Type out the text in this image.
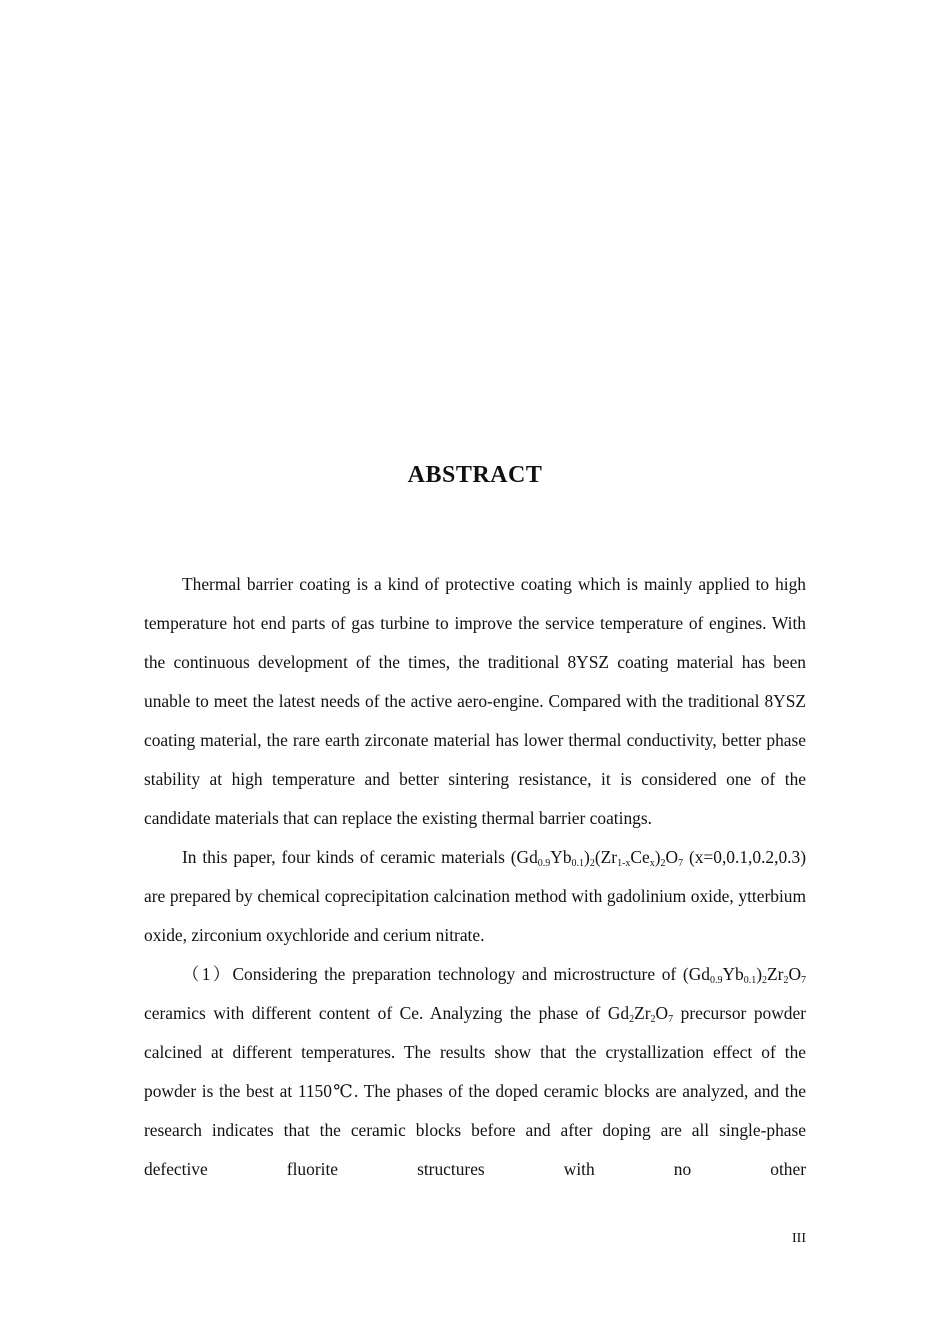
ABSTRACT

Thermal barrier coating is a kind of protective coating which is mainly applied to high temperature hot end parts of gas turbine to improve the service temperature of engines. With the continuous development of the times, the traditional 8YSZ coating material has been unable to meet the latest needs of the active aero-engine. Compared with the traditional 8YSZ coating material, the rare earth zirconate material has lower thermal conductivity, better phase stability at high temperature and better sintering resistance, it is considered one of the candidate materials that can replace the existing thermal barrier coatings.

In this paper, four kinds of ceramic materials $(Gd_{0.9}Yb_{0.1})_2(Zr_{1-x}Ce_x)_2O_7$ (x=0,0.1,0.2,0.3) are prepared by chemical coprecipitation calcination method with gadolinium oxide, ytterbium oxide, zirconium oxychloride and cerium nitrate.

（1）Considering the preparation technology and microstructure of $(Gd_{0.9}Yb_{0.1})_2Zr_2O_7$ ceramics with different content of Ce. Analyzing the phase of $Gd_2Zr_2O_7$ precursor powder calcined at different temperatures. The results show that the crystallization effect of the powder is the best at 1150℃. The phases of the doped ceramic blocks are analyzed, and the research indicates that the ceramic blocks before and after doping are all single-phase defective fluorite structures with no other

III
